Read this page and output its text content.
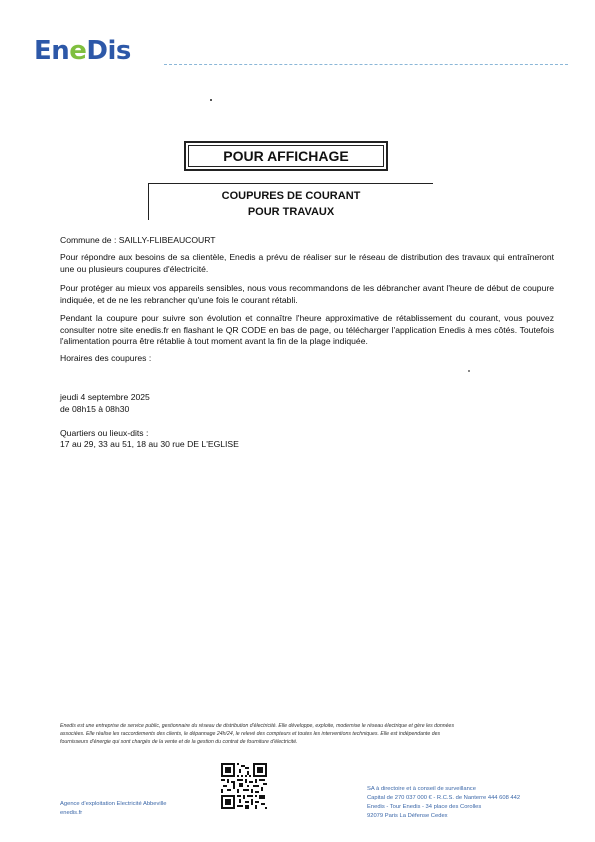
EneDis
POUR AFFICHAGE
COUPURES DE COURANT
POUR TRAVAUX
Commune de : SAILLY-FLIBEAUCOURT
Pour répondre aux besoins de sa clientèle, Enedis a prévu de réaliser sur le réseau de distribution des travaux qui entraîneront une ou plusieurs coupures d'électricité.
Pour protéger au mieux vos appareils sensibles, nous vous recommandons de les débrancher avant l'heure de début de coupure indiquée, et de ne les rebrancher qu'une fois le courant rétabli.
Pendant la coupure pour suivre son évolution et connaître l'heure approximative de rétablissement du courant, vous pouvez consulter notre site enedis.fr en flashant le QR CODE en bas de page, ou télécharger l'application Enedis à mes côtés. Toutefois l'alimentation pourra être rétablie à tout moment avant la fin de la plage indiquée.
Horaires des coupures :
jeudi 4 septembre 2025
de 08h15 à 08h30
Quartiers ou lieux-dits :
17 au 29, 33 au 51, 18 au 30 rue DE L'EGLISE
Enedis est une entreprise de service public, gestionnaire du réseau de distribution d'électricité. Elle développe, exploite, modernise le réseau électrique et gère les données
associées. Elle réalise les raccordements des clients, le dépannage 24h/24, le relevé des compteurs et toutes les interventions techniques. Elle est indépendante des
fournisseurs d'énergie qui sont chargés de la vente et de la gestion du contrat de fourniture d'électricité.
Agence d'exploitation Electricité Abbeville
enedis.fr
SA à directoire et à conseil de surveillance
Capital de 270 037 000 € - R.C.S. de Nanterre 444 608 442
Enedis - Tour Enedis - 34 place des Corolles
92079 Paris La Défense Cedex
